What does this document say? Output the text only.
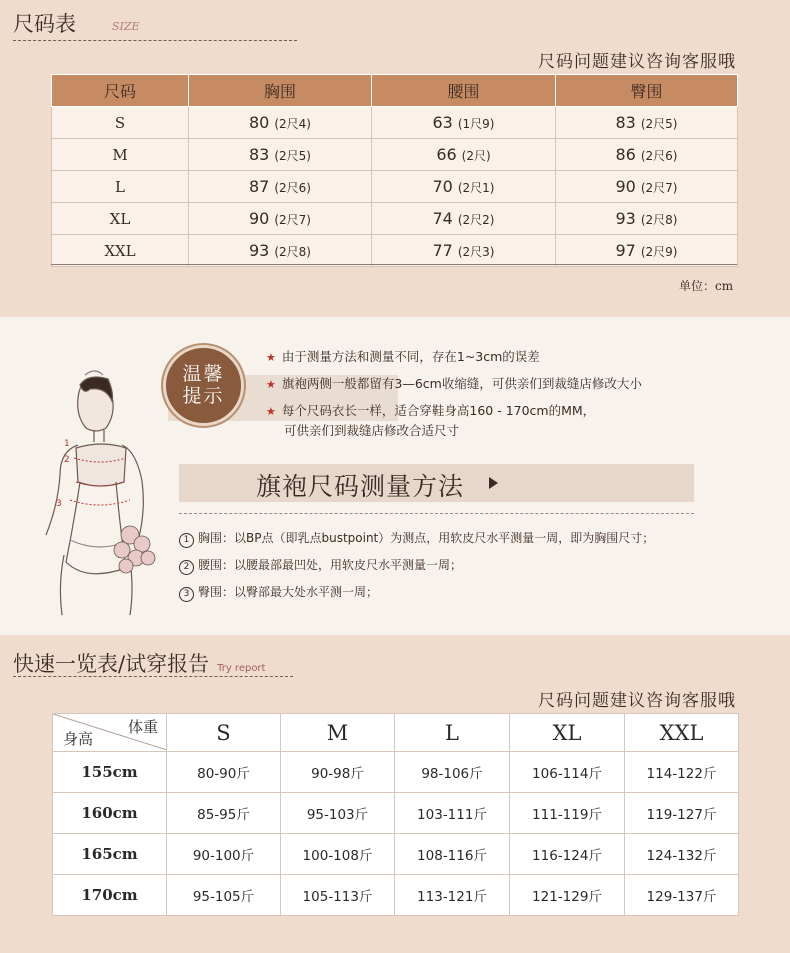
尺码表	SIZE
尺码问题建议咨询客服哦
尺码	胸围	腰围	臀围
S	80 (2尺4)	63 (1尺9)	83 (2尺5)
M	83 (2尺5)	66 (2尺)	86 (2尺6)
L	87 (2尺6)	70 (2尺1)	90 (2尺7)
XL	90 (2尺7)	74 (2尺2)	93 (2尺8)
XXL	93 (2尺8)	77 (2尺3)	97 (2尺9)
单位：cm
1
2
3
温馨
提示
★ 由于测量方法和测量不同，存在1~3cm的误差
★ 旗袍两侧一般都留有3—6cm收缩缝，可供亲们到裁缝店修改大小
★ 每个尺码衣长一样，适合穿鞋身高160 - 170cm的MM，
可供亲们到裁缝店修改合适尺寸
旗袍尺码测量方法
1 胸围：以BP点（即乳点bustpoint）为测点，用软皮尺水平测量一周，即为胸围尺寸；
2 腰围：以腰最部最凹处，用软皮尺水平测量一周；
3 臀围：以臀部最大处水平测一周；
快速一览表/试穿报告 Try report
尺码问题建议咨询客服哦
体重
身高	S	M	L	XL	XXL
155cm	80-90斤	90-98斤	98-106斤	106-114斤	114-122斤
160cm	85-95斤	95-103斤	103-111斤	111-119斤	119-127斤
165cm	90-100斤	100-108斤	108-116斤	116-124斤	124-132斤
170cm	95-105斤	105-113斤	113-121斤	121-129斤	129-137斤
